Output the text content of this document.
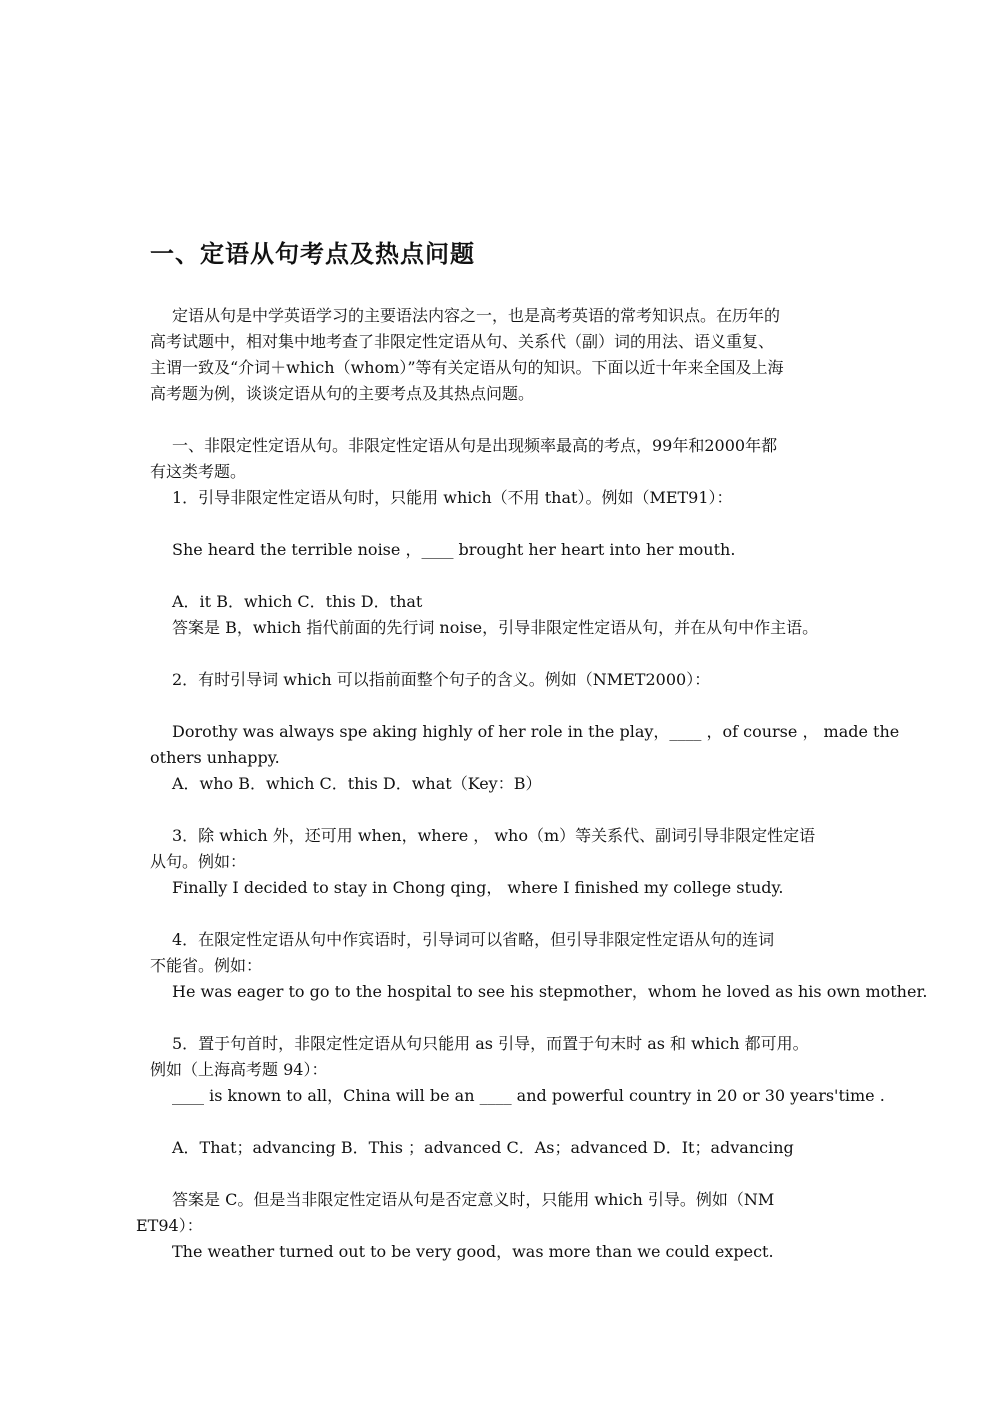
一、定语从句考点及热点问题
定语从句是中学英语学习的主要语法内容之一，也是高考英语的常考知识点。在历年的
高考试题中，相对集中地考查了非限定性定语从句、关系代（副）词的用法、语义重复、
主谓一致及“介词＋which（whom）”等有关定语从句的知识。下面以近十年来全国及上海
高考题为例，谈谈定语从句的主要考点及其热点问题。
一、非限定性定语从句。非限定性定语从句是出现频率最高的考点，99年和2000年都
有这类考题。
1．引导非限定性定语从句时，只能用 which（不用 that）。例如（MET91）：
She heard the terrible noise ，____ brought her heart into her mouth.
A．it B．which C．this D．that
答案是 B，which 指代前面的先行词 noise，引导非限定性定语从句，并在从句中作主语。
2．有时引导词 which 可以指前面整个句子的含义。例如（NMET2000）：
Dorothy was always spe aking highly of her role in the play，____ ，of course ， made the
others unhappy.
A．who B．which C．this D．what（Key：B）
3．除 which 外，还可用 when，where ， who（m）等关系代、副词引导非限定性定语
从句。例如：
Finally I decided to stay in Chong qing， where I finished my college study.
4．在限定性定语从句中作宾语时，引导词可以省略，但引导非限定性定语从句的连词
不能省。例如：
He was eager to go to the hospital to see his stepmother，whom he loved as his own mother.
5．置于句首时，非限定性定语从句只能用 as 引导，而置于句末时 as 和 which 都可用。
例如（上海高考题 94）：
____ is known to all，China will be an ____ and powerful country in 20 or 30 years'time .
A．That；advancing B．This ；advanced C．As；advanced D．It；advancing
答案是 C。但是当非限定性定语从句是否定意义时，只能用 which 引导。例如（NM
ET94）：
The weather turned out to be very good，was more than we could expect.
